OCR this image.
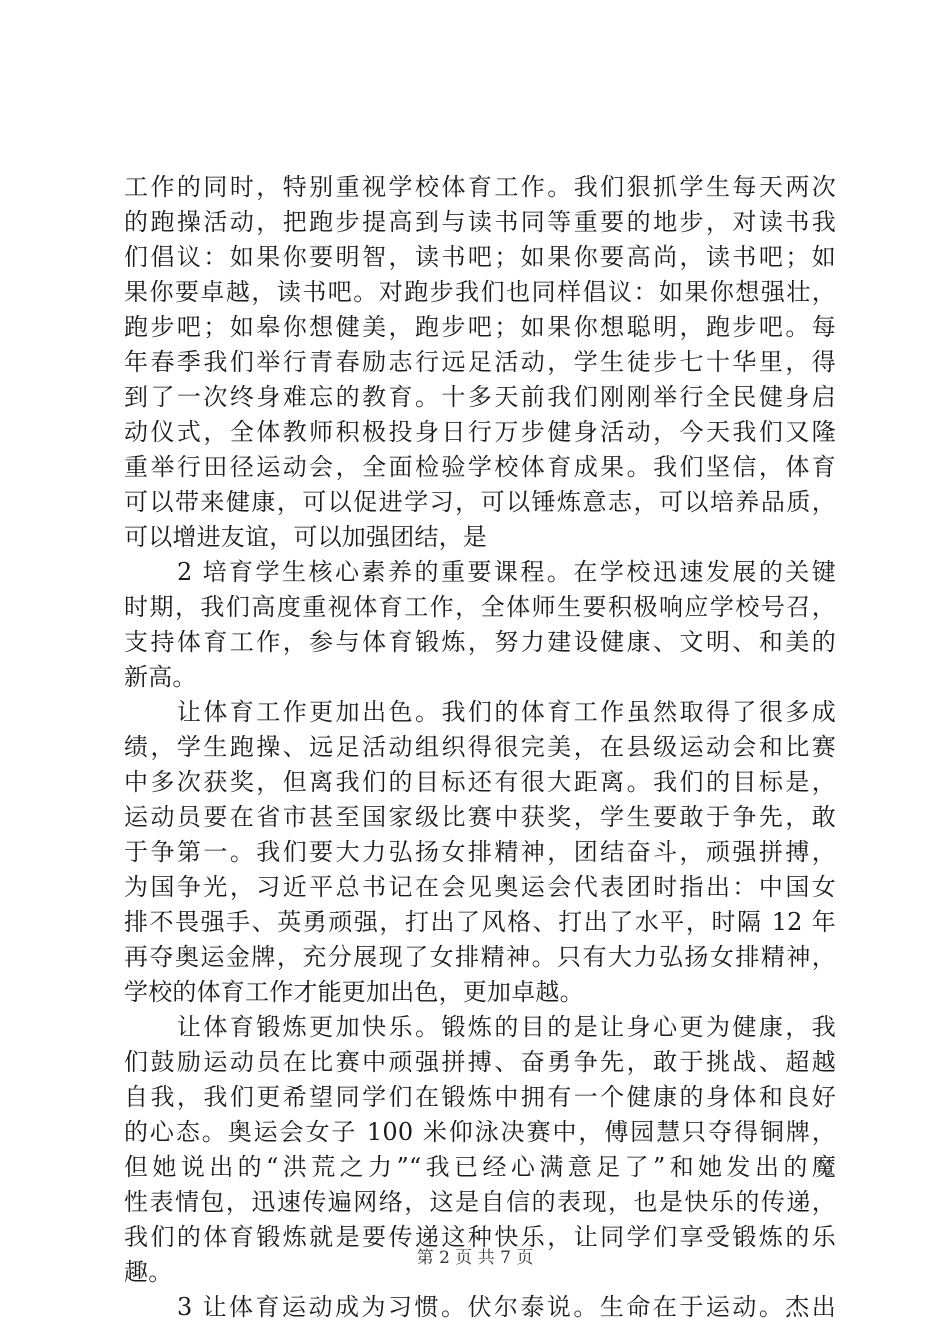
工作的同时，特别重视学校体育工作。我们狠抓学生每天两次
的跑操活动，把跑步提高到与读书同等重要的地步，对读书我
们倡议：如果你要明智，读书吧；如果你要高尚，读书吧；如
果你要卓越，读书吧。对跑步我们也同样倡议：如果你想强壮，
跑步吧；如皋你想健美，跑步吧；如果你想聪明，跑步吧。每
年春季我们举行青春励志行远足活动，学生徒步七十华里，得
到了一次终身难忘的教育。十多天前我们刚刚举行全民健身启
动仪式，全体教师积极投身日行万步健身活动，今天我们又隆
重举行田径运动会，全面检验学校体育成果。我们坚信，体育
可以带来健康，可以促进学习，可以锤炼意志，可以培养品质，
可以增进友谊，可以加强团结，是
　　2 培育学生核心素养的重要课程。在学校迅速发展的关键
时期，我们高度重视体育工作，全体师生要积极响应学校号召，
支持体育工作，参与体育锻炼，努力建设健康、文明、和美的
新高。
　　让体育工作更加出色。我们的体育工作虽然取得了很多成
绩，学生跑操、远足活动组织得很完美，在县级运动会和比赛
中多次获奖，但离我们的目标还有很大距离。我们的目标是，
运动员要在省市甚至国家级比赛中获奖，学生要敢于争先，敢
于争第一。我们要大力弘扬女排精神，团结奋斗，顽强拼搏，
为国争光，习近平总书记在会见奥运会代表团时指出：中国女
排不畏强手、英勇顽强，打出了风格、打出了水平，时隔 12 年
再夺奥运金牌，充分展现了女排精神。只有大力弘扬女排精神，
学校的体育工作才能更加出色，更加卓越。
　　让体育锻炼更加快乐。锻炼的目的是让身心更为健康，我
们鼓励运动员在比赛中顽强拼搏、奋勇争先，敢于挑战、超越
自我，我们更希望同学们在锻炼中拥有一个健康的身体和良好
的心态。奥运会女子 100 米仰泳决赛中，傅园慧只夺得铜牌，
但她说出的“洪荒之力”“我已经心满意足了”和她发出的魔
性表情包，迅速传遍网络，这是自信的表现，也是快乐的传递，
我们的体育锻炼就是要传递这种快乐，让同学们享受锻炼的乐
趣。
　　3 让体育运动成为习惯。伏尔泰说。生命在于运动。杰出
第 2 页 共 7 页
